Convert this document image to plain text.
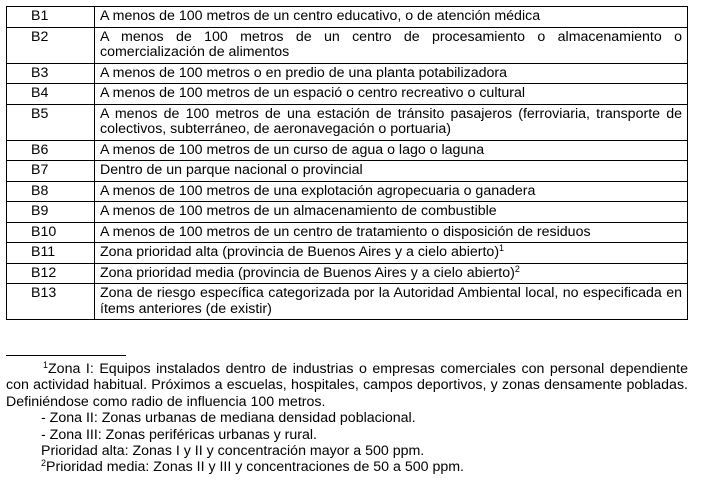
B1	A menos de 100 metros de un centro educativo, o de atención médica
B2	A menos de 100 metros de un centro de procesamiento o almacenamiento o comercialización de alimentos
B3	A menos de 100 metros o en predio de una planta potabilizadora
B4	A menos de 100 metros de un espació o centro recreativo o cultural
B5	A menos de 100 metros de una estación de tránsito pasajeros (ferroviaria, transporte de colectivos, subterráneo, de aeronavegación o portuaria)
B6	A menos de 100 metros de un curso de agua o lago o laguna
B7	Dentro de un parque nacional o provincial
B8	A menos de 100 metros de una explotación agropecuaria o ganadera
B9	A menos de 100 metros de un almacenamiento de combustible
B10	A menos de 100 metros de un centro de tratamiento o disposición de residuos
B11	Zona prioridad alta (provincia de Buenos Aires y a cielo abierto)$^1$
B12	Zona prioridad media (provincia de Buenos Aires y a cielo abierto)$^2$
B13	Zona de riesgo específica categorizada por la Autoridad Ambiental local, no especificada en ítems anteriores (de existir)

$^1$Zona I: Equipos instalados dentro de industrias o empresas comerciales con personal dependiente con actividad habitual. Próximos a escuelas, hospitales, campos deportivos, y zonas densamente pobladas. Definiéndose como radio de influencia 100 metros.

- Zona II: Zonas urbanas de mediana densidad poblacional.

- Zona III: Zonas periféricas urbanas y rural.

Prioridad alta: Zonas I y II y concentración mayor a 500 ppm.

$^2$Prioridad media: Zonas II y III y concentraciones de 50 a 500 ppm.
